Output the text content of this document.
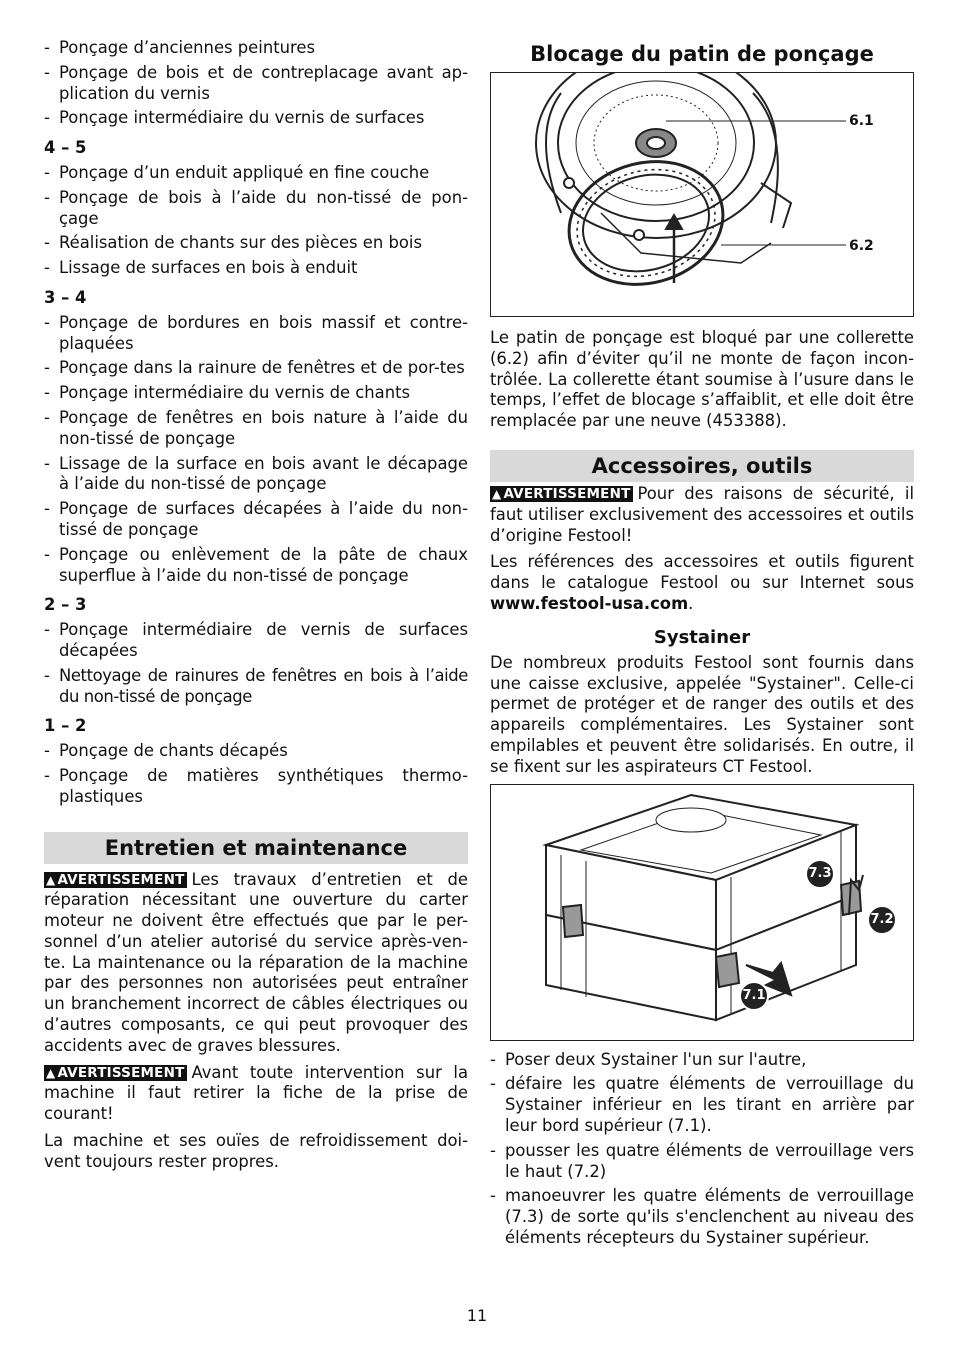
- Ponçage d’anciennes peintures
- Ponçage de bois et de contreplacage avant ap-plication du vernis
- Ponçage intermédiaire du vernis de surfaces
4 – 5
- Ponçage d’un enduit appliqué en fine couche
- Ponçage de bois à l’aide du non-tissé de pon-çage
- Réalisation de chants sur des pièces en bois
- Lissage de surfaces en bois à enduit
3 – 4
- Ponçage de bordures en bois massif et contre-plaquées
- Ponçage dans la rainure de fenêtres et de por-tes
- Ponçage intermédiaire du vernis de chants
- Ponçage de fenêtres en bois nature à l’aide du non-tissé de ponçage
- Lissage de la surface en bois avant le décapage à l’aide du non-tissé de ponçage
- Ponçage de surfaces décapées à l’aide du non-tissé de ponçage
- Ponçage ou enlèvement de la pâte de chaux superflue à l’aide du non-tissé de ponçage
2 – 3
- Ponçage intermédiaire de vernis de surfaces décapées
- Nettoyage de rainures de fenêtres en bois à l’aide du non-tissé de ponçage
1 – 2
- Ponçage de chants décapés
- Ponçage de matières synthétiques thermo-plastiques
Entretien et maintenance

▲ AVERTISSEMENT Les travaux d’entretien et de réparation nécessitant une ouverture du carter moteur ne doivent être effectués que par le per-sonnel d’un atelier autorisé du service après-ven-te. La maintenance ou la réparation de la machine par des personnes non autorisées peut entraîner un branchement incorrect de câbles électriques ou d’autres composants, ce qui peut provoquer des accidents avec de graves blessures.

▲ AVERTISSEMENT Avant toute intervention sur la machine il faut retirer la fiche de la prise de courant!

La machine et ses ouïes de refroidissement doi-vent toujours rester propres.

Blocage du patin de ponçage
6.1
6.2

Le patin de ponçage est bloqué par une collerette (6.2) afin d’éviter qu’il ne monte de façon incon-trôlée. La collerette étant soumise à l’usure dans le temps, l’effet de blocage s’affaiblit, et elle doit être remplacée par une neuve (453388).

Accessoires, outils

▲ AVERTISSEMENT Pour des raisons de sécurité, il faut utiliser exclusivement des accessoires et outils d’origine Festool!

Les références des accessoires et outils figurent dans le catalogue Festool ou sur Internet sous www.festool-usa.com.

Systainer

De nombreux produits Festool sont fournis dans une caisse exclusive, appelée "Systainer". Celle-ci permet de protéger et de ranger des outils et des appareils complémentaires. Les Systainer sont empilables et peuvent être solidarisés. En outre, il se fixent sur les aspirateurs CT Festool.

7.3
7.2
7.1
- Poser deux Systainer l'un sur l'autre,
- défaire les quatre éléments de verrouillage du Systainer inférieur en les tirant en arrière par leur bord supérieur (7.1).
- pousser les quatre éléments de verrouillage vers le haut (7.2)
- manoeuvrer les quatre éléments de verrouillage (7.3) de sorte qu'ils s'enclenchent au niveau des éléments récepteurs du Systainer supérieur.
11
